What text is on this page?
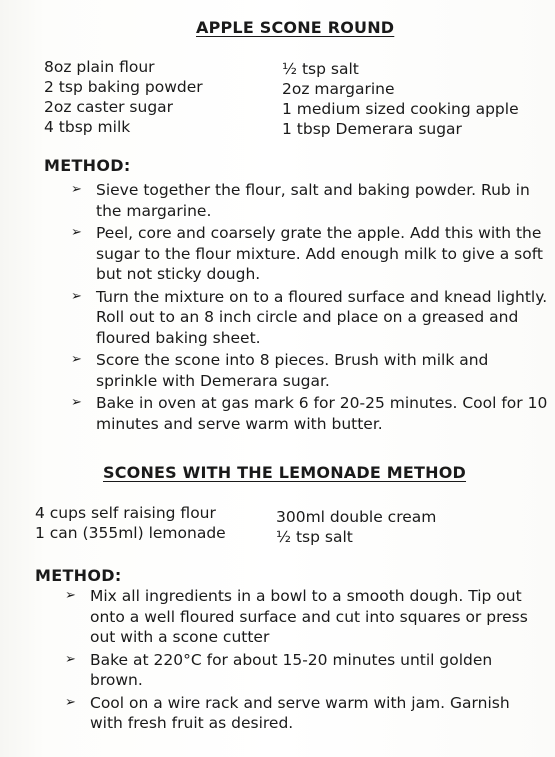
APPLE SCONE ROUND
8oz plain flour
2 tsp baking powder
2oz caster sugar
4 tbsp milk
½ tsp salt
2oz margarine
1 medium sized cooking apple
1 tbsp Demerara sugar
METHOD:
➢ Sieve together the flour, salt and baking powder. Rub in the margarine.
➢ Peel, core and coarsely grate the apple. Add this with the sugar to the flour mixture. Add enough milk to give a soft but not sticky dough.
➢ Turn the mixture on to a floured surface and knead lightly. Roll out to an 8 inch circle and place on a greased and floured baking sheet.
➢ Score the scone into 8 pieces. Brush with milk and sprinkle with Demerara sugar.
➢ Bake in oven at gas mark 6 for 20-25 minutes. Cool for 10 minutes and serve warm with butter.
SCONES WITH THE LEMONADE METHOD
4 cups self raising flour
1 can (355ml) lemonade
300ml double cream
½ tsp salt
METHOD:
➢ Mix all ingredients in a bowl to a smooth dough. Tip out onto a well floured surface and cut into squares or press out with a scone cutter
➢ Bake at 220°C for about 15-20 minutes until golden brown.
➢ Cool on a wire rack and serve warm with jam. Garnish with fresh fruit as desired.
